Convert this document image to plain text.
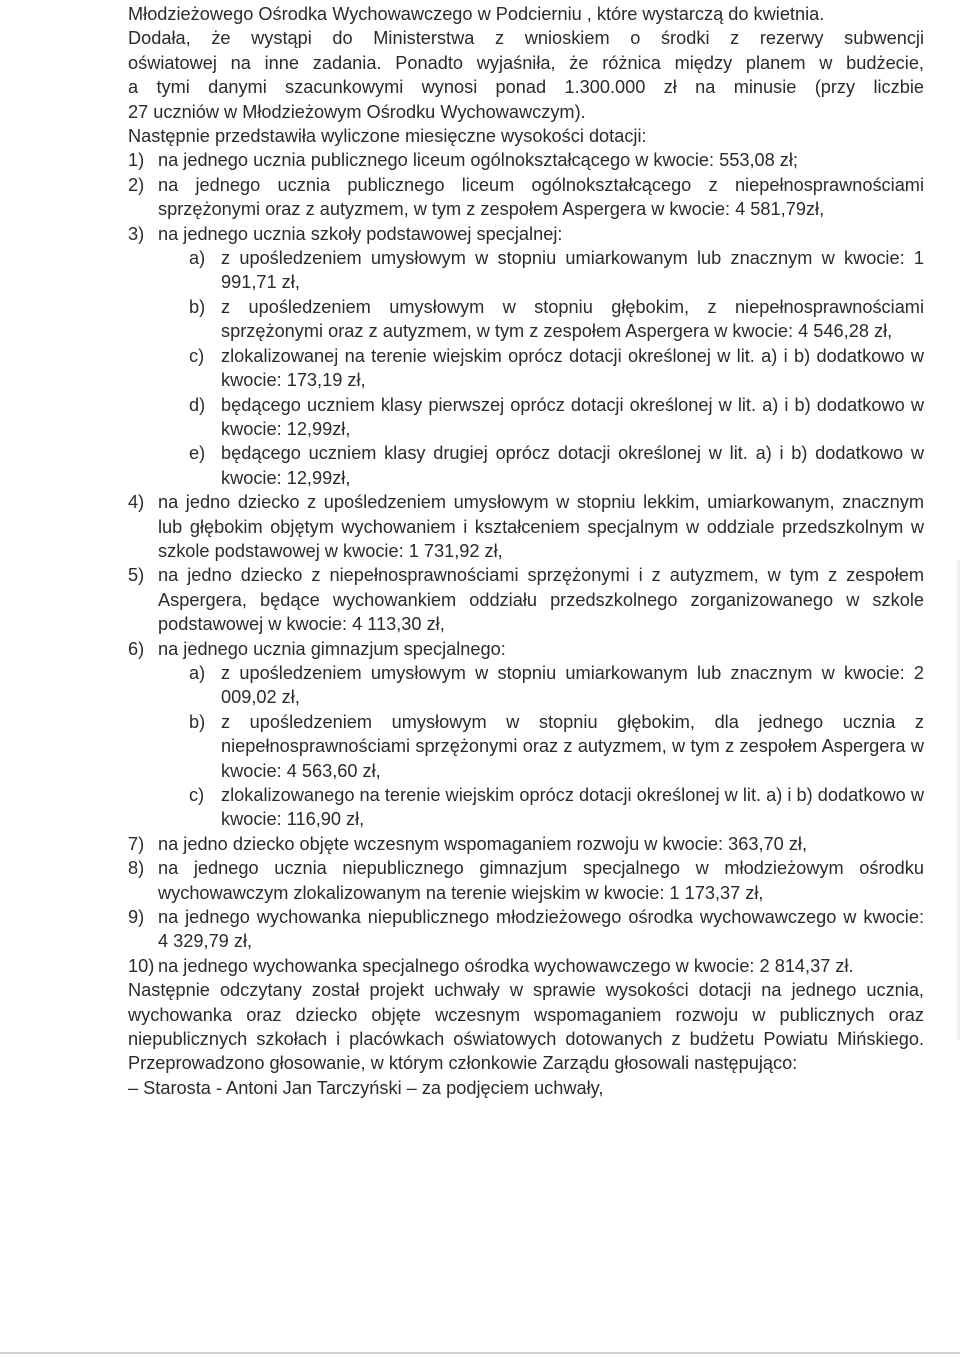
Młodzieżowego Ośrodka Wychowawczego w Podcierniu , które wystarczą do kwietnia.

Dodała, że wystąpi do Ministerstwa z wnioskiem o środki z rezerwy subwencji

oświatowej na inne zadania. Ponadto wyjaśniła, że różnica między planem w budżecie,

a tymi danymi szacunkowymi wynosi ponad 1.300.000 zł na minusie (przy liczbie

27 uczniów w Młodzieżowym Ośrodku Wychowawczym).

Następnie przedstawiła wyliczone miesięczne wysokości dotacji:

1) na jednego ucznia publicznego liceum ogólnokształcącego w kwocie: 553,08 zł;
2) na jednego ucznia publicznego liceum ogólnokształcącego z niepełnosprawnościami sprzężonymi oraz z autyzmem, w tym z zespołem Aspergera w kwocie: 4 581,79zł,
3) na jednego ucznia szkoły podstawowej specjalnej:
a) z upośledzeniem umysłowym w stopniu umiarkowanym lub znacznym w kwocie: 1 991,71 zł,
b) z upośledzeniem umysłowym w stopniu głębokim, z niepełnosprawnościami sprzężonymi oraz z autyzmem, w tym z zespołem Aspergera w kwocie: 4 546,28 zł,
c) zlokalizowanej na terenie wiejskim oprócz dotacji określonej w lit. a) i b) dodatkowo w kwocie: 173,19 zł,
d) będącego uczniem klasy pierwszej oprócz dotacji określonej w lit. a) i b) dodatkowo w kwocie: 12,99zł,
e) będącego uczniem klasy drugiej oprócz dotacji określonej w lit. a) i b) dodatkowo w kwocie: 12,99zł,
4) na jedno dziecko z upośledzeniem umysłowym w stopniu lekkim, umiarkowanym, znacznym lub głębokim objętym wychowaniem i kształceniem specjalnym w oddziale przedszkolnym w szkole podstawowej w kwocie: 1 731,92 zł,
5) na jedno dziecko z niepełnosprawnościami sprzężonymi i z autyzmem, w tym z zespołem Aspergera, będące wychowankiem oddziału przedszkolnego zorganizowanego w szkole podstawowej w kwocie: 4 113,30 zł,
6) na jednego ucznia gimnazjum specjalnego:
a) z upośledzeniem umysłowym w stopniu umiarkowanym lub znacznym w kwocie: 2 009,02 zł,
b) z upośledzeniem umysłowym w stopniu głębokim, dla jednego ucznia z niepełnosprawnościami sprzężonymi oraz z autyzmem, w tym z zespołem Aspergera w kwocie: 4 563,60 zł,
c) zlokalizowanego na terenie wiejskim oprócz dotacji określonej w lit. a) i b) dodatkowo w kwocie: 116,90 zł,
7) na jedno dziecko objęte wczesnym wspomaganiem rozwoju w kwocie: 363,70 zł,
8) na jednego ucznia niepublicznego gimnazjum specjalnego w młodzieżowym ośrodku wychowawczym zlokalizowanym na terenie wiejskim w kwocie: 1 173,37 zł,
9) na jednego wychowanka niepublicznego młodzieżowego ośrodka wychowawczego w kwocie: 4 329,79 zł,
10) na jednego wychowanka specjalnego ośrodka wychowawczego w kwocie: 2 814,37 zł.

Następnie odczytany został projekt uchwały w sprawie wysokości dotacji na jednego ucznia, wychowanka oraz dziecko objęte wczesnym wspomaganiem rozwoju w publicznych oraz niepublicznych szkołach i placówkach oświatowych dotowanych z budżetu Powiatu Mińskiego. Przeprowadzono głosowanie, w którym członkowie Zarządu głosowali następująco:

– Starosta - Antoni Jan Tarczyński – za podjęciem uchwały,
